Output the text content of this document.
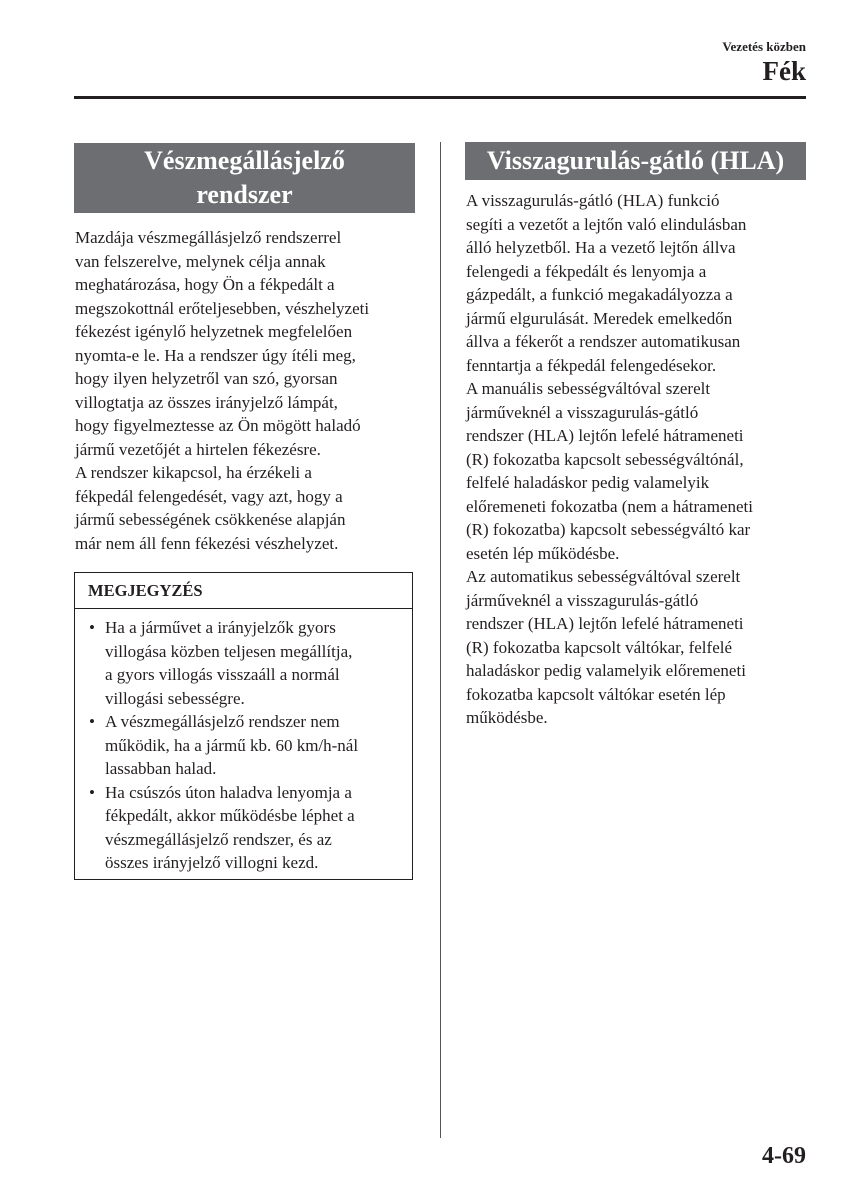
Vezetés közben
Fék
Vészmegállásjelző
rendszer
Mazdája vészmegállásjelző rendszerrel
van felszerelve, melynek célja annak
meghatározása, hogy Ön a fékpedált a
megszokottnál erőteljesebben, vészhelyzeti
fékezést igénylő helyzetnek megfelelően
nyomta-e le. Ha a rendszer úgy ítéli meg,
hogy ilyen helyzetről van szó, gyorsan
villogtatja az összes irányjelző lámpát,
hogy figyelmeztesse az Ön mögött haladó
jármű vezetőjét a hirtelen fékezésre.
A rendszer kikapcsol, ha érzékeli a
fékpedál felengedését, vagy azt, hogy a
jármű sebességének csökkenése alapján
már nem áll fenn fékezési vészhelyzet.
MEGJEGYZÉS
• Ha a járművet a irányjelzők gyors
villogása közben teljesen megállítja,
a gyors villogás visszaáll a normál
villogási sebességre.
• A vészmegállásjelző rendszer nem
működik, ha a jármű kb. 60 km/h-nál
lassabban halad.
• Ha csúszós úton haladva lenyomja a
fékpedált, akkor működésbe léphet a
vészmegállásjelző rendszer, és az
összes irányjelző villogni kezd.
Visszagurulás-gátló (HLA)
A visszagurulás-gátló (HLA) funkció
segíti a vezetőt a lejtőn való elindulásban
álló helyzetből. Ha a vezető lejtőn állva
felengedi a fékpedált és lenyomja a
gázpedált, a funkció megakadályozza a
jármű elgurulását. Meredek emelkedőn
állva a fékerőt a rendszer automatikusan
fenntartja a fékpedál felengedésekor.
A manuális sebességváltóval szerelt
járműveknél a visszagurulás-gátló
rendszer (HLA) lejtőn lefelé hátrameneti
(R) fokozatba kapcsolt sebességváltónál,
felfelé haladáskor pedig valamelyik
előremeneti fokozatba (nem a hátrameneti
(R) fokozatba) kapcsolt sebességváltó kar
esetén lép működésbe.
Az automatikus sebességváltóval szerelt
járműveknél a visszagurulás-gátló
rendszer (HLA) lejtőn lefelé hátrameneti
(R) fokozatba kapcsolt váltókar, felfelé
haladáskor pedig valamelyik előremeneti
fokozatba kapcsolt váltókar esetén lép
működésbe.
4-69
